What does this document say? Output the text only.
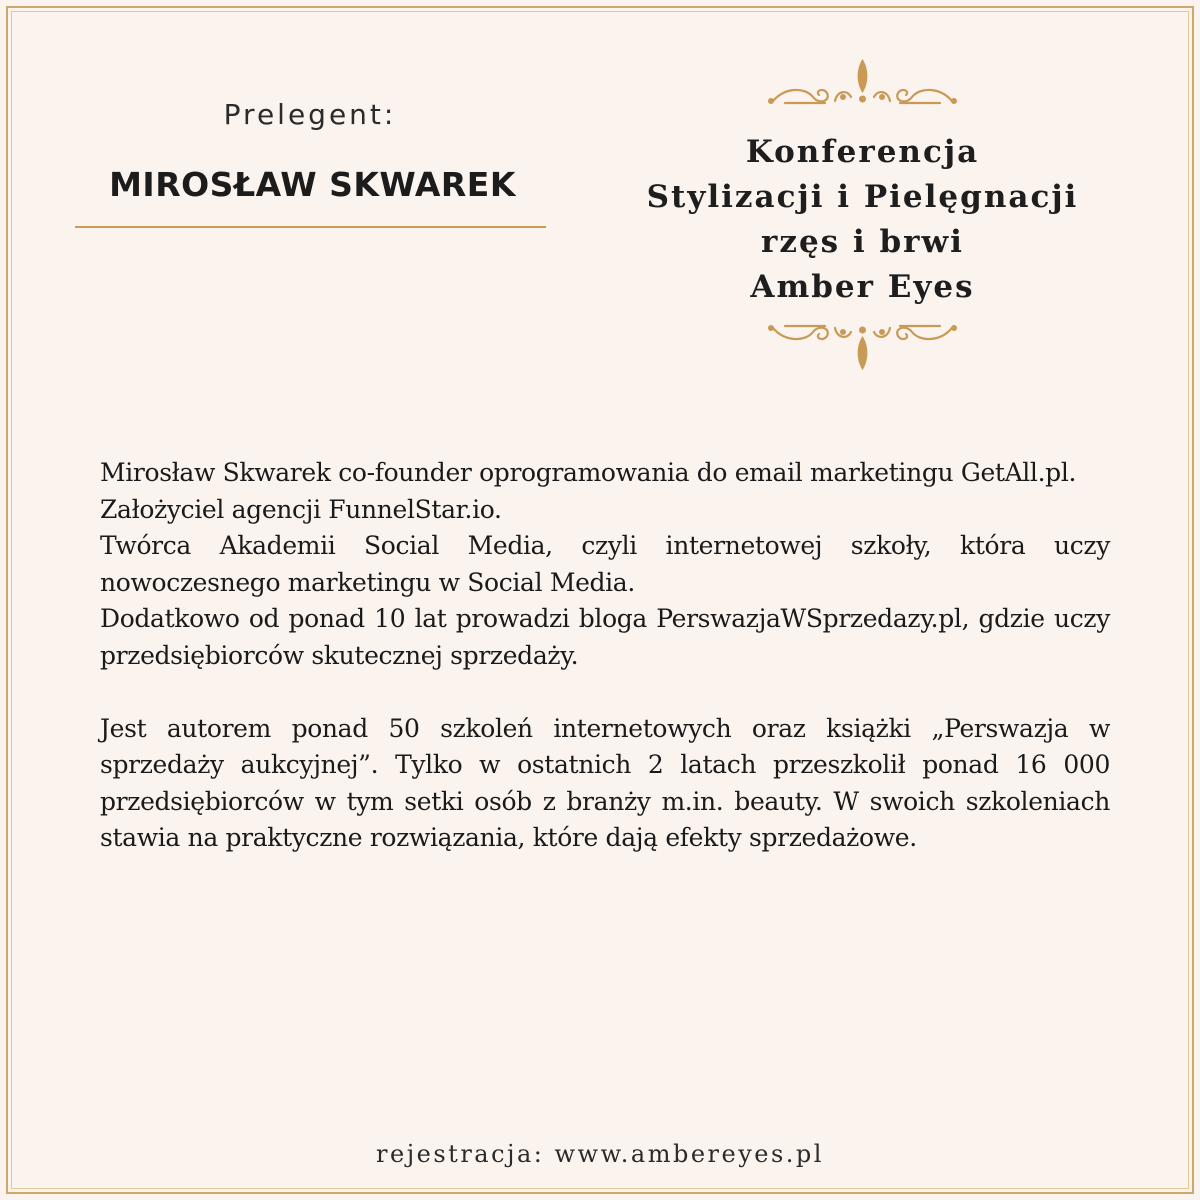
Prelegent:
MIROSŁAW SKWAREK
Konferencja
Stylizacji i Pielęgnacji
rzęs i brwi
Amber Eyes

Mirosław Skwarek co-founder oprogramowania do email marketingu GetAll.pl.

Założyciel agencji FunnelStar.io.

Twórca Akademii Social Media, czyli internetowej szkoły, która uczy nowoczesnego marketingu w Social Media.

Dodatkowo od ponad 10 lat prowadzi bloga PerswazjaWSprzedazy.pl, gdzie uczy przedsiębiorców skutecznej sprzedaży.

Jest autorem ponad 50 szkoleń internetowych oraz książki „Perswazja w sprzedaży aukcyjnej”. Tylko w ostatnich 2 latach przeszkolił ponad 16 000 przedsiębiorców w tym setki osób z branży m.in. beauty. W swoich szkoleniach stawia na praktyczne rozwiązania, które dają efekty sprzedażowe.

rejestracja: www.ambereyes.pl
